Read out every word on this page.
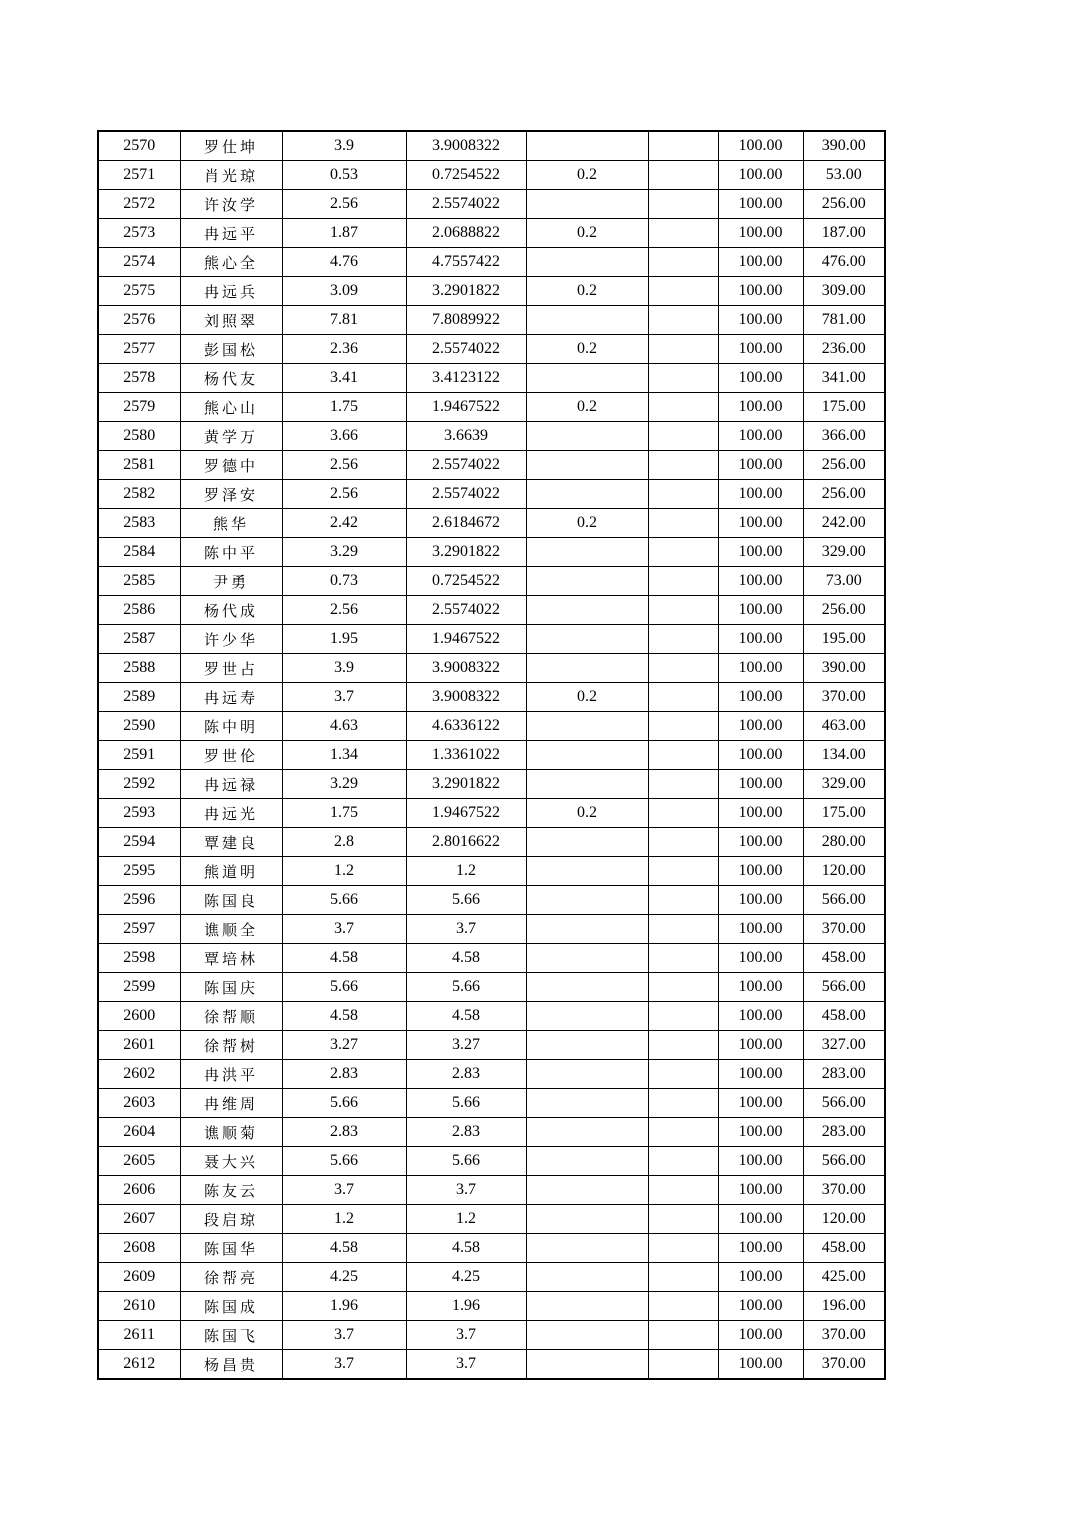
2570	罗仕坤	3.9	3.9008322			100.00	390.00
2571	肖光琼	0.53	0.7254522	0.2		100.00	53.00
2572	许汝学	2.56	2.5574022			100.00	256.00
2573	冉远平	1.87	2.0688822	0.2		100.00	187.00
2574	熊心全	4.76	4.7557422			100.00	476.00
2575	冉远兵	3.09	3.2901822	0.2		100.00	309.00
2576	刘照翠	7.81	7.8089922			100.00	781.00
2577	彭国松	2.36	2.5574022	0.2		100.00	236.00
2578	杨代友	3.41	3.4123122			100.00	341.00
2579	熊心山	1.75	1.9467522	0.2		100.00	175.00
2580	黄学万	3.66	3.6639			100.00	366.00
2581	罗德中	2.56	2.5574022			100.00	256.00
2582	罗泽安	2.56	2.5574022			100.00	256.00
2583	熊华	2.42	2.6184672	0.2		100.00	242.00
2584	陈中平	3.29	3.2901822			100.00	329.00
2585	尹勇	0.73	0.7254522			100.00	73.00
2586	杨代成	2.56	2.5574022			100.00	256.00
2587	许少华	1.95	1.9467522			100.00	195.00
2588	罗世占	3.9	3.9008322			100.00	390.00
2589	冉远寿	3.7	3.9008322	0.2		100.00	370.00
2590	陈中明	4.63	4.6336122			100.00	463.00
2591	罗世伦	1.34	1.3361022			100.00	134.00
2592	冉远禄	3.29	3.2901822			100.00	329.00
2593	冉远光	1.75	1.9467522	0.2		100.00	175.00
2594	覃建良	2.8	2.8016622			100.00	280.00
2595	熊道明	1.2	1.2			100.00	120.00
2596	陈国良	5.66	5.66			100.00	566.00
2597	谯顺全	3.7	3.7			100.00	370.00
2598	覃培林	4.58	4.58			100.00	458.00
2599	陈国庆	5.66	5.66			100.00	566.00
2600	徐帮顺	4.58	4.58			100.00	458.00
2601	徐帮树	3.27	3.27			100.00	327.00
2602	冉洪平	2.83	2.83			100.00	283.00
2603	冉维周	5.66	5.66			100.00	566.00
2604	谯顺菊	2.83	2.83			100.00	283.00
2605	聂大兴	5.66	5.66			100.00	566.00
2606	陈友云	3.7	3.7			100.00	370.00
2607	段启琼	1.2	1.2			100.00	120.00
2608	陈国华	4.58	4.58			100.00	458.00
2609	徐帮亮	4.25	4.25			100.00	425.00
2610	陈国成	1.96	1.96			100.00	196.00
2611	陈国飞	3.7	3.7			100.00	370.00
2612	杨昌贵	3.7	3.7			100.00	370.00
